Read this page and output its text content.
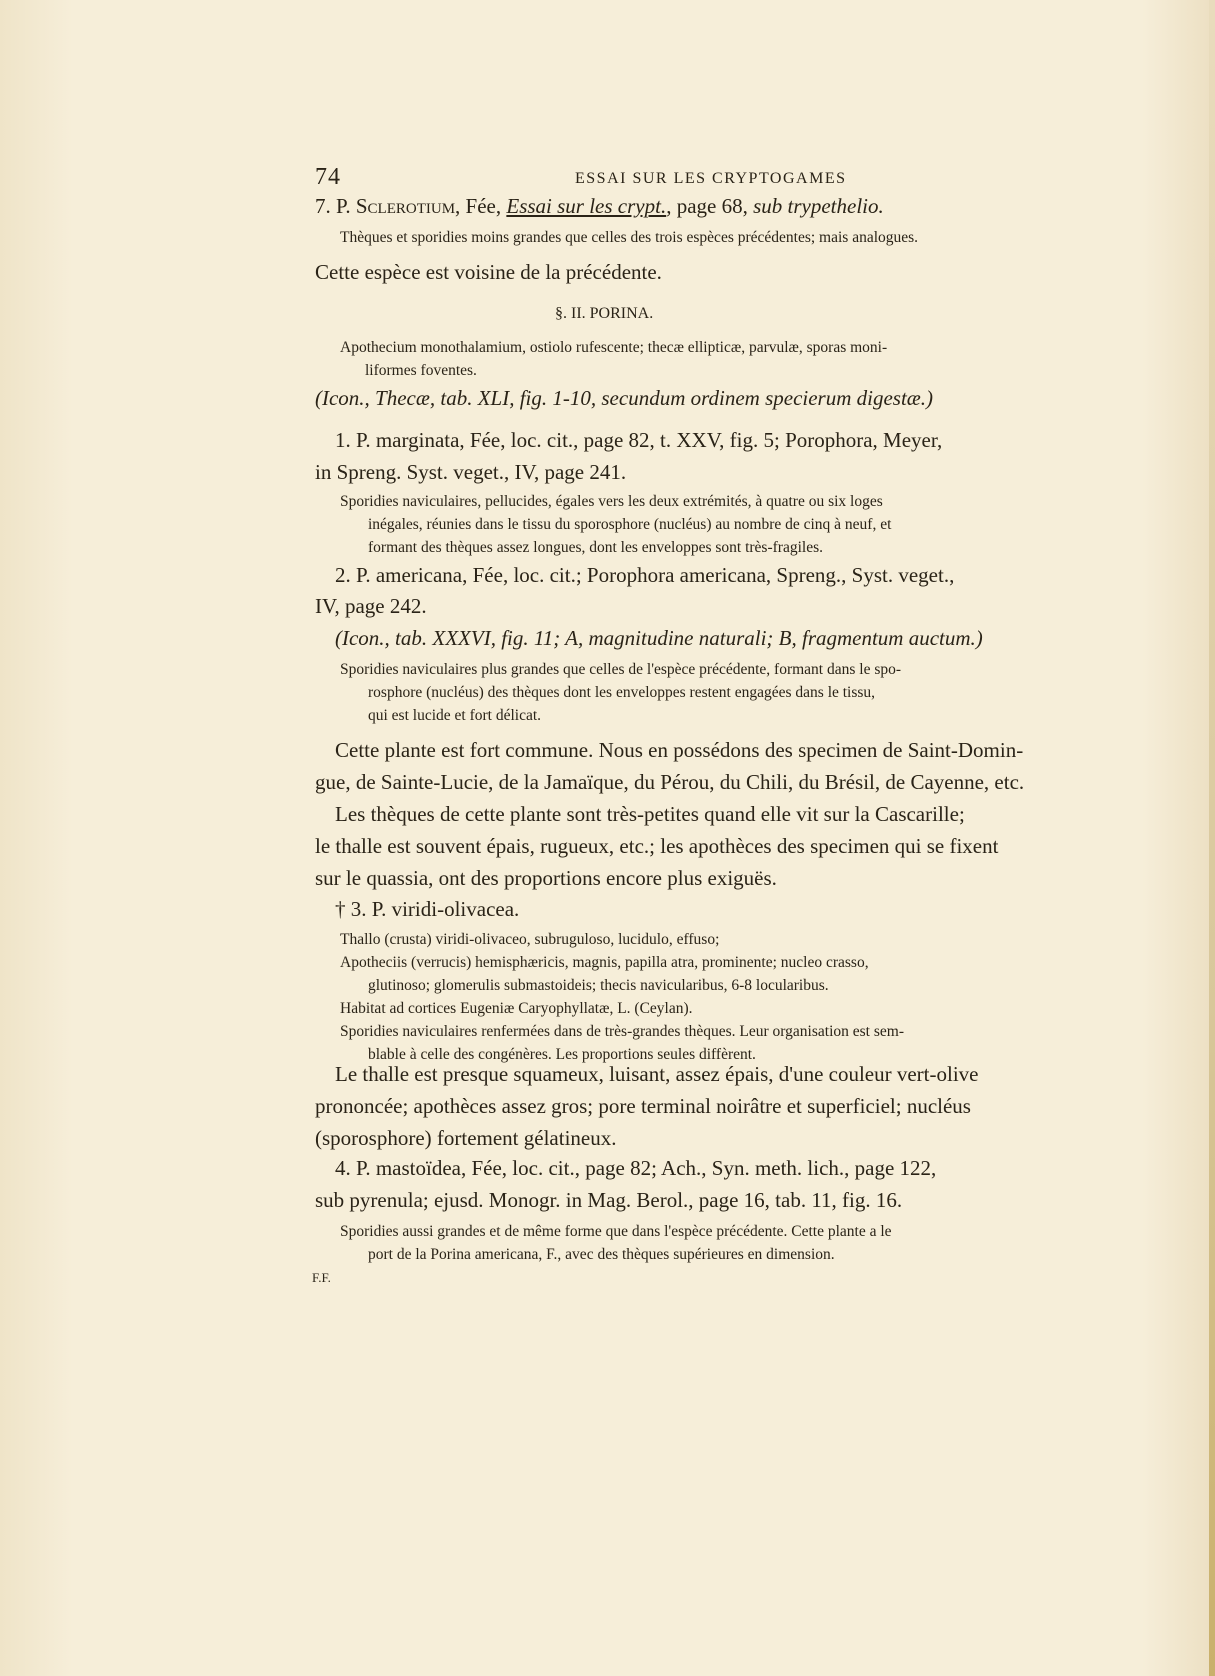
74	ESSAI SUR LES CRYPTOGAMES

7. P. Sclerotium, Fée, Essai sur les crypt., page 68, sub trypethelio.

Thèques et sporidies moins grandes que celles des trois espèces précédentes; mais analogues.

Cette espèce est voisine de la précédente.

§. II. PORINA.

Apothecium monothalamium, ostiolo rufescente; thecæ ellipticæ, parvulæ, sporas moni-

liformes foventes.

(Icon., Thecæ, tab. XLI, fig. 1-10, secundum ordinem specierum digestæ.)

1. P. marginata, Fée, loc. cit., page 82, t. XXV, fig. 5; Porophora, Meyer,

in Spreng. Syst. veget., IV, page 241.

Sporidies naviculaires, pellucides, égales vers les deux extrémités, à quatre ou six loges

inégales, réunies dans le tissu du sporosphore (nucléus) au nombre de cinq à neuf, et

formant des thèques assez longues, dont les enveloppes sont très-fragiles.

2. P. americana, Fée, loc. cit.; Porophora americana, Spreng., Syst. veget.,

IV, page 242.

(Icon., tab. XXXVI, fig. 11; A, magnitudine naturali; B, fragmentum auctum.)

Sporidies naviculaires plus grandes que celles de l'espèce précédente, formant dans le spo-

rosphore (nucléus) des thèques dont les enveloppes restent engagées dans le tissu,

qui est lucide et fort délicat.

Cette plante est fort commune. Nous en possédons des specimen de Saint-Domin-

gue, de Sainte-Lucie, de la Jamaïque, du Pérou, du Chili, du Brésil, de Cayenne, etc.

Les thèques de cette plante sont très-petites quand elle vit sur la Cascarille;

le thalle est souvent épais, rugueux, etc.; les apothèces des specimen qui se fixent

sur le quassia, ont des proportions encore plus exiguës.

† 3. P. viridi-olivacea.

Thallo (crusta) viridi-olivaceo, subruguloso, lucidulo, effuso;

Apotheciis (verrucis) hemisphæricis, magnis, papilla atra, prominente; nucleo crasso,

glutinoso; glomerulis submastoideis; thecis navicularibus, 6-8 locularibus.

Habitat ad cortices Eugeniæ Caryophyllatæ, L. (Ceylan).

Sporidies naviculaires renfermées dans de très-grandes thèques. Leur organisation est sem-

blable à celle des congénères. Les proportions seules diffèrent.

Le thalle est presque squameux, luisant, assez épais, d'une couleur vert-olive

prononcée; apothèces assez gros; pore terminal noirâtre et superficiel; nucléus

(sporosphore) fortement gélatineux.

4. P. mastoïdea, Fée, loc. cit., page 82; Ach., Syn. meth. lich., page 122,

sub pyrenula; ejusd. Monogr. in Mag. Berol., page 16, tab. 11, fig. 16.

Sporidies aussi grandes et de même forme que dans l'espèce précédente. Cette plante a le

port de la Porina americana, F., avec des thèques supérieures en dimension.

F.F.
